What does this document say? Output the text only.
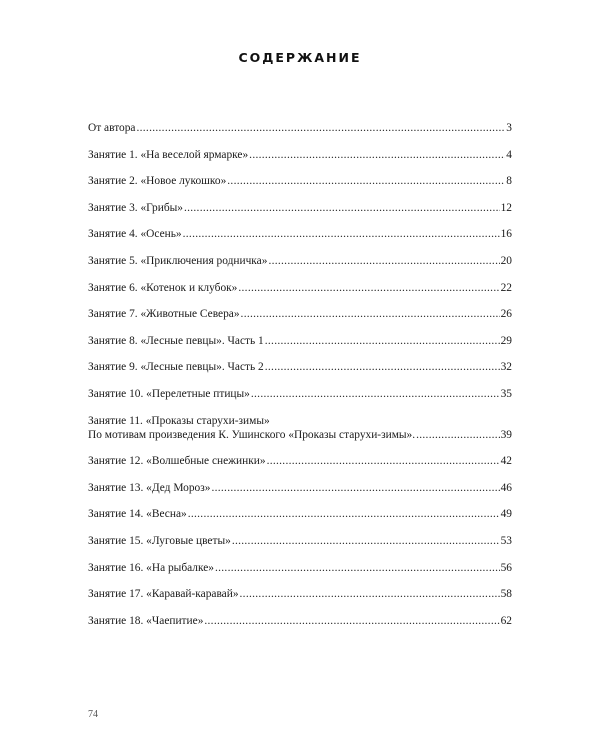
СОДЕРЖАНИЕ
От автора .....	3
Занятие 1. «На веселой ярмарке» .....	4
Занятие 2. «Новое лукошко» .....	8
Занятие 3. «Грибы» .....	12
Занятие 4. «Осень» .....	16
Занятие 5. «Приключения родничка» .....	20
Занятие 6. «Котенок и клубок» .....	22
Занятие 7. «Животные Севера» .....	26
Занятие 8. «Лесные певцы». Часть 1 .....	29
Занятие 9. «Лесные певцы». Часть 2 .....	32
Занятие 10. «Перелетные птицы» .....	35
Занятие 11. «Проказы старухи-зимы»
По мотивам произведения К. Ушинского «Проказы старухи-зимы». .....	39
Занятие 12. «Волшебные снежинки» .....	42
Занятие 13. «Дед Мороз» .....	46
Занятие 14. «Весна» .....	49
Занятие 15. «Луговые цветы» .....	53
Занятие 16. «На рыбалке» .....	56
Занятие 17. «Каравай-каравай» .....	58
Занятие 18. «Чаепитие» .....	62
74
